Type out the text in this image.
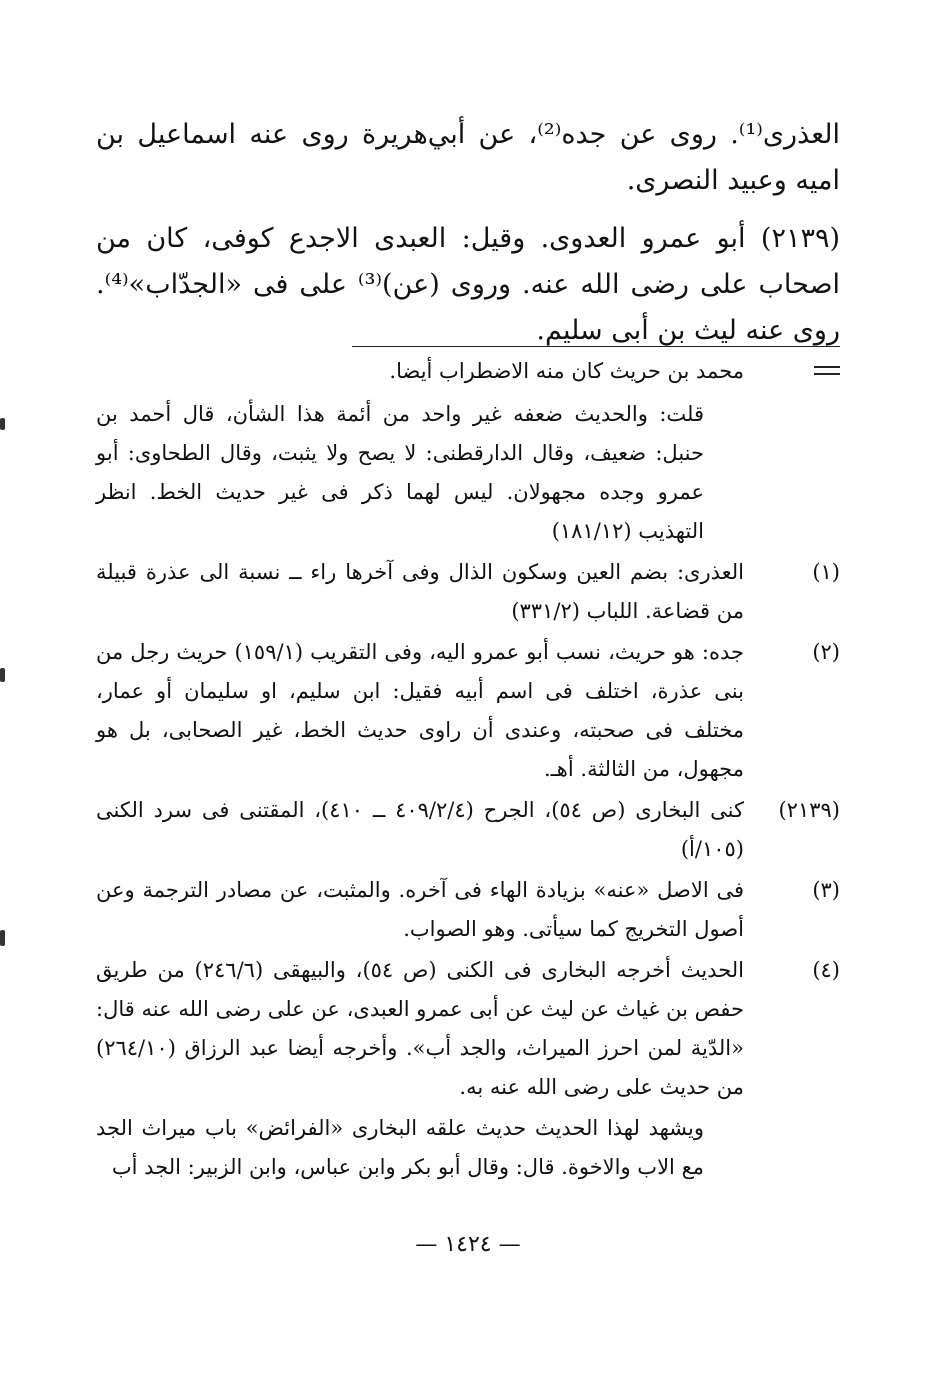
العذرى⁽¹⁾. روى عن جده⁽²⁾، عن أبي‌هريرة روى عنه اسماعيل بن اميه وعبيد النصرى.

(٢١٣٩) أبو عمرو العدوى. وقيل: العبدى الاجدع كوفى، كان من اصحاب على رضى الله عنه. وروى (عن)⁽³⁾ على فى «الجدّاب»⁽⁴⁾. روى عنه ليث بن أبى سليم.

محمد بن حريث كان منه الاضطراب أيضا.
قلت: والحديث ضعفه غير واحد من أئمة هذا الشأن، قال أحمد بن حنبل: ضعيف، وقال الدارقطنى: لا يصح ولا يثبت، وقال الطحاوى: أبو عمرو وجده مجهولان. ليس لهما ذكر فى غير حديث الخط. انظر التهذيب (١٨١/١٢)
(١)
العذرى: بضم العين وسكون الذال وفى آخرها راء ــ نسبة الى عذرة قبيلة من قضاعة. اللباب (٣٣١/٢)
(٢)
جده: هو حريث، نسب أبو عمرو اليه، وفى التقريب (١٥٩/١) حريث رجل من بنى عذرة، اختلف فى اسم أبيه فقيل: ابن سليم، او سليمان أو عمار، مختلف فى صحبته، وعندى أن راوى حديث الخط، غير الصحابى، بل هو مجهول، من الثالثة. أهـ.
(٢١٣٩)
كنى البخارى (ص ٥٤)، الجرح (٤٠٩/٢/٤ ــ ٤١٠)، المقتنى فى سرد الكنى (١٠٥/أ)
(٣)
فى الاصل «عنه» بزيادة الهاء فى آخره. والمثبت، عن مصادر الترجمة وعن أصول التخريج كما سيأتى. وهو الصواب.
(٤)
الحديث أخرجه البخارى فى الكنى (ص ٥٤)، والبيهقى (٢٤٦/٦) من طريق حفص بن غياث عن ليث عن أبى عمرو العبدى، عن على رضى الله عنه قال: «الدّية لمن احرز الميراث، والجد أب». وأخرجه أيضا عبد الرزاق (٢٦٤/١٠) من حديث على رضى الله عنه به.
ويشهد لهذا الحديث حديث علقه البخارى «الفرائض» باب ميراث الجد مع الاب والاخوة. قال: وقال أبو بكر وابن عباس، وابن الزبير: الجد أب
— ١٤٢٤ —
